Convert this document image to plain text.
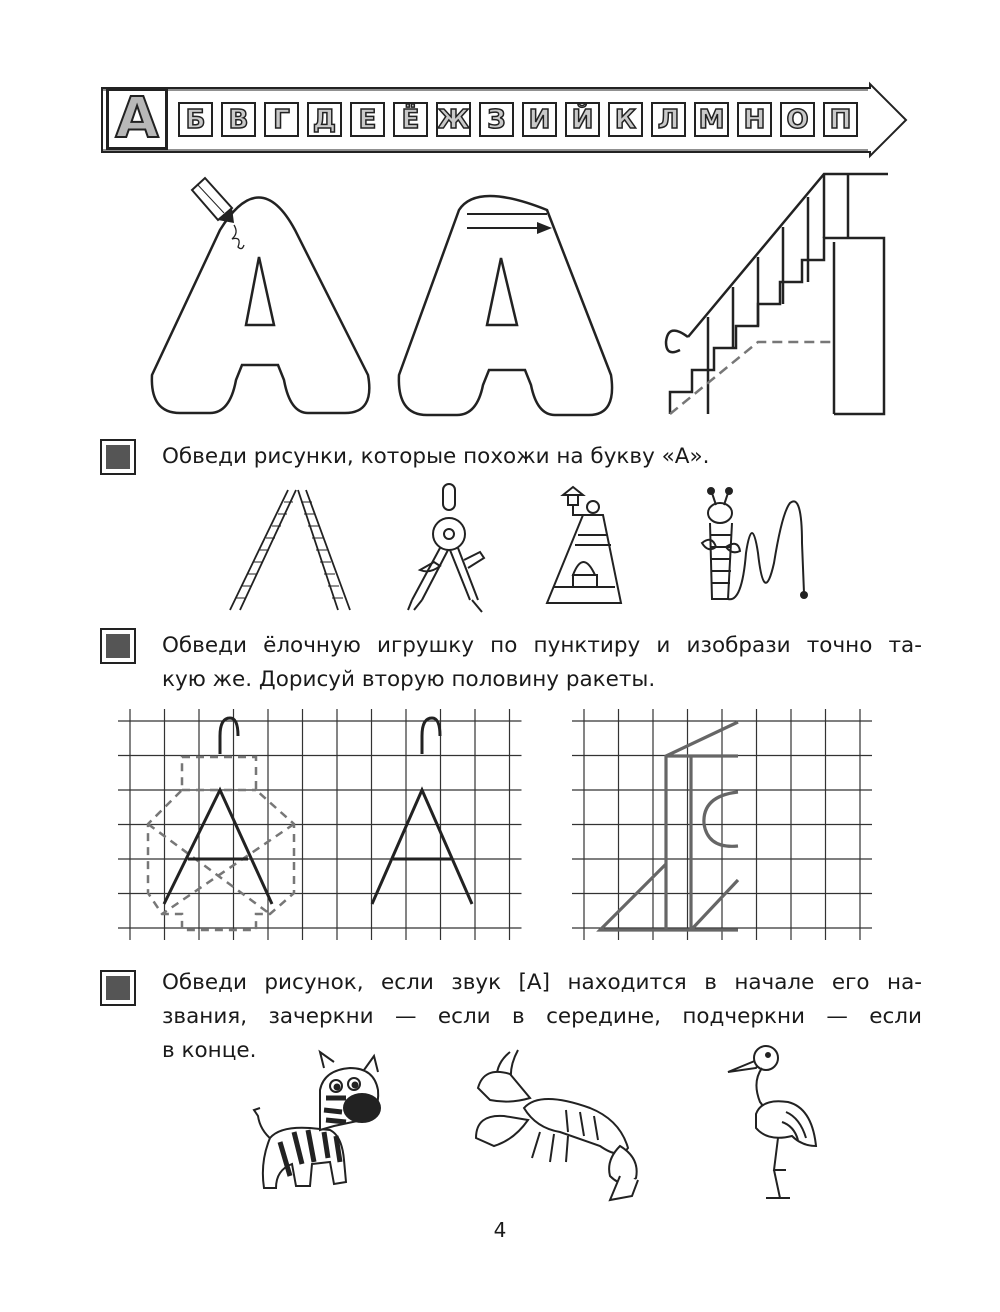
А	Б В Г Д Е Ё Ж З И Й К Л М Н О П
Обведи рисунки, которые похожи на букву «А».
Обведи ёлочную игрушку по пунктиру и изобрази точно та-
кую же. Дорисуй вторую половину ракеты.
Обведи рисунок, если звук [А] находится в начале его на-
звания, зачеркни — если в середине, подчеркни — если
в конце.
4
